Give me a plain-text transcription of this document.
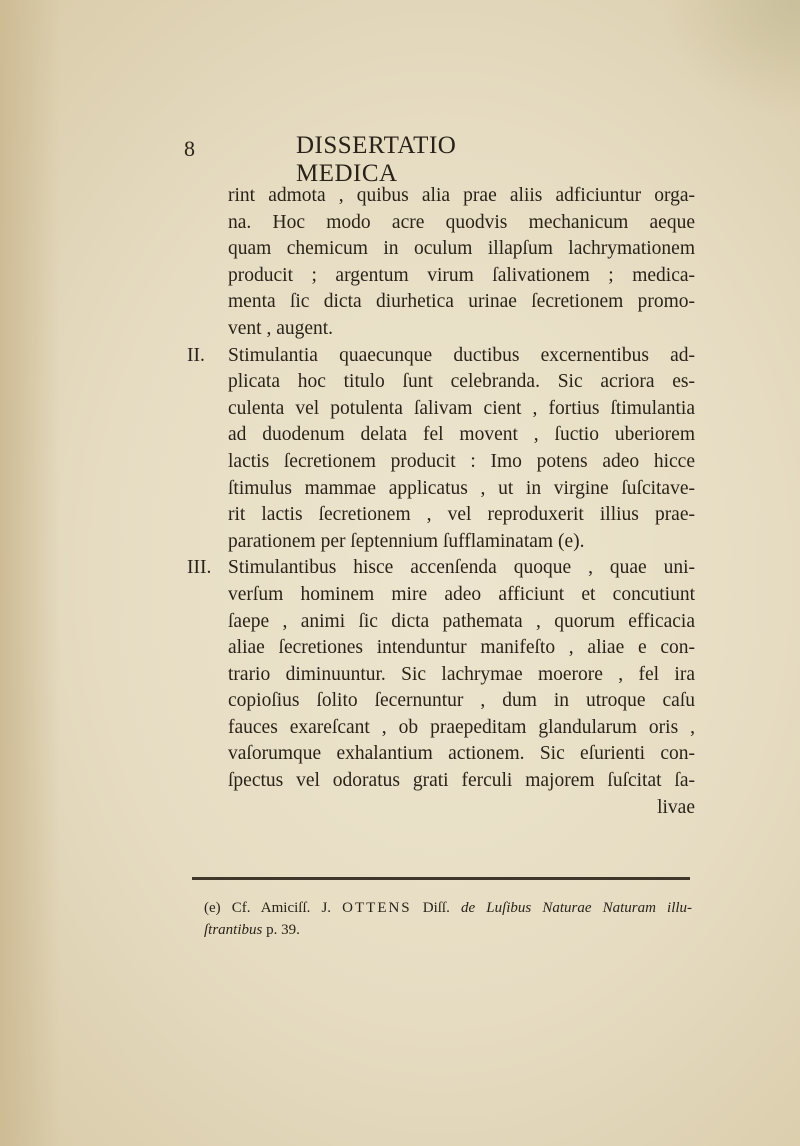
8	DISSERTATIO MEDICA
rint admota , quibus alia prae aliis adficiuntur orga-
na. Hoc modo acre quodvis mechanicum aeque
quam chemicum in oculum illapſum lachrymationem
producit ; argentum virum ſalivationem ; medica-
menta ſic dicta diurhetica urinae ſecretionem promo-
vent , augent.
II. Stimulantia quaecunque ductibus excernentibus ad-
plicata hoc titulo ſunt celebranda. Sic acriora es-
culenta vel potulenta ſalivam cient , fortius ſtimulantia
ad duodenum delata fel movent , ſuctio uberiorem
lactis ſecretionem producit : Imo potens adeo hicce
ſtimulus mammae applicatus , ut in virgine ſuſcitave-
rit lactis ſecretionem , vel reproduxerit illius prae-
parationem per ſeptennium ſufflaminatam (e).
III. Stimulantibus hisce accenſenda quoque , quae uni-
verſum hominem mire adeo afficiunt et concutiunt
ſaepe , animi ſic dicta pathemata , quorum efficacia
aliae ſecretiones intenduntur manifeſto , aliae e con-
trario diminuuntur. Sic lachrymae moerore , fel ira
copioſius ſolito ſecernuntur , dum in utroque caſu
fauces exareſcant , ob praepeditam glandularum oris ,
vaſorumque exhalantium actionem. Sic eſurienti con-
ſpectus vel odoratus grati ferculi majorem ſuſcitat ſa-
livae
(e) Cf. Amiciſſ. J. OTTENS Diſſ. de Luſibus Naturae Naturam illu-
ſtrantibus p. 39.
